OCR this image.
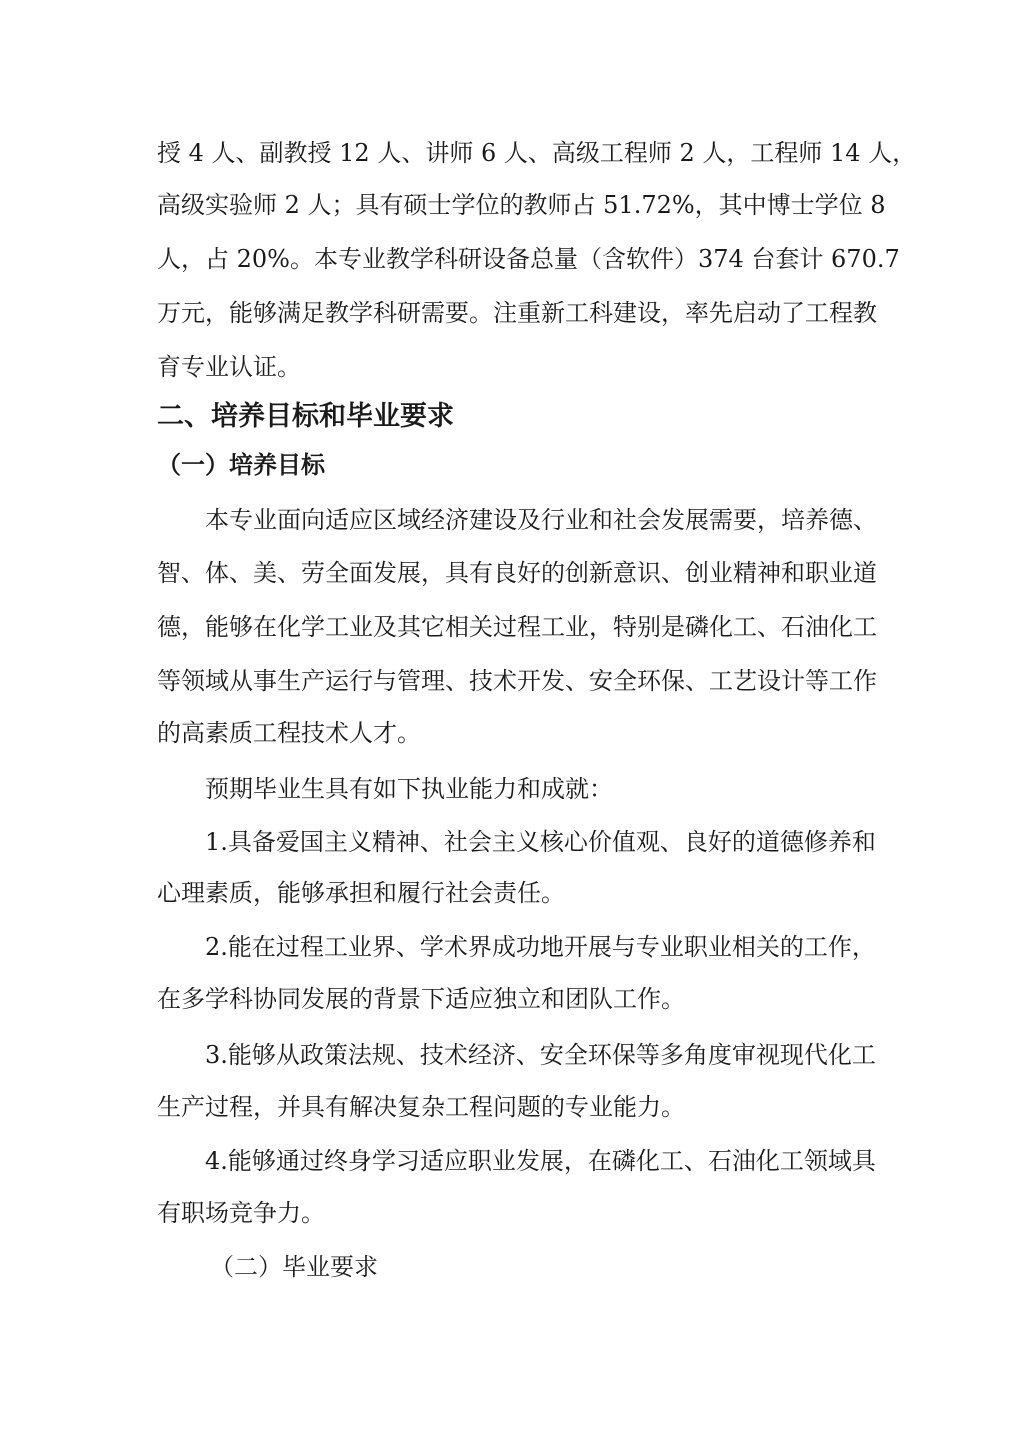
授 4 人、副教授 12 人、讲师 6 人、高级工程师 2 人，工程师 14 人，
高级实验师 2 人；具有硕士学位的教师占 51.72%，其中博士学位 8
人，占 20%。本专业教学科研设备总量（含软件）374 台套计 670.7
万元，能够满足教学科研需要。注重新工科建设，率先启动了工程教
育专业认证。
二、培养目标和毕业要求
（一）培养目标
本专业面向适应区域经济建设及行业和社会发展需要，培养德、
智、体、美、劳全面发展，具有良好的创新意识、创业精神和职业道
德，能够在化学工业及其它相关过程工业，特别是磷化工、石油化工
等领域从事生产运行与管理、技术开发、安全环保、工艺设计等工作
的高素质工程技术人才。
预期毕业生具有如下执业能力和成就：
1.具备爱国主义精神、社会主义核心价值观、良好的道德修养和
心理素质，能够承担和履行社会责任。
2.能在过程工业界、学术界成功地开展与专业职业相关的工作，
在多学科协同发展的背景下适应独立和团队工作。
3.能够从政策法规、技术经济、安全环保等多角度审视现代化工
生产过程，并具有解决复杂工程问题的专业能力。
4.能够通过终身学习适应职业发展，在磷化工、石油化工领域具
有职场竞争力。
（二）毕业要求
